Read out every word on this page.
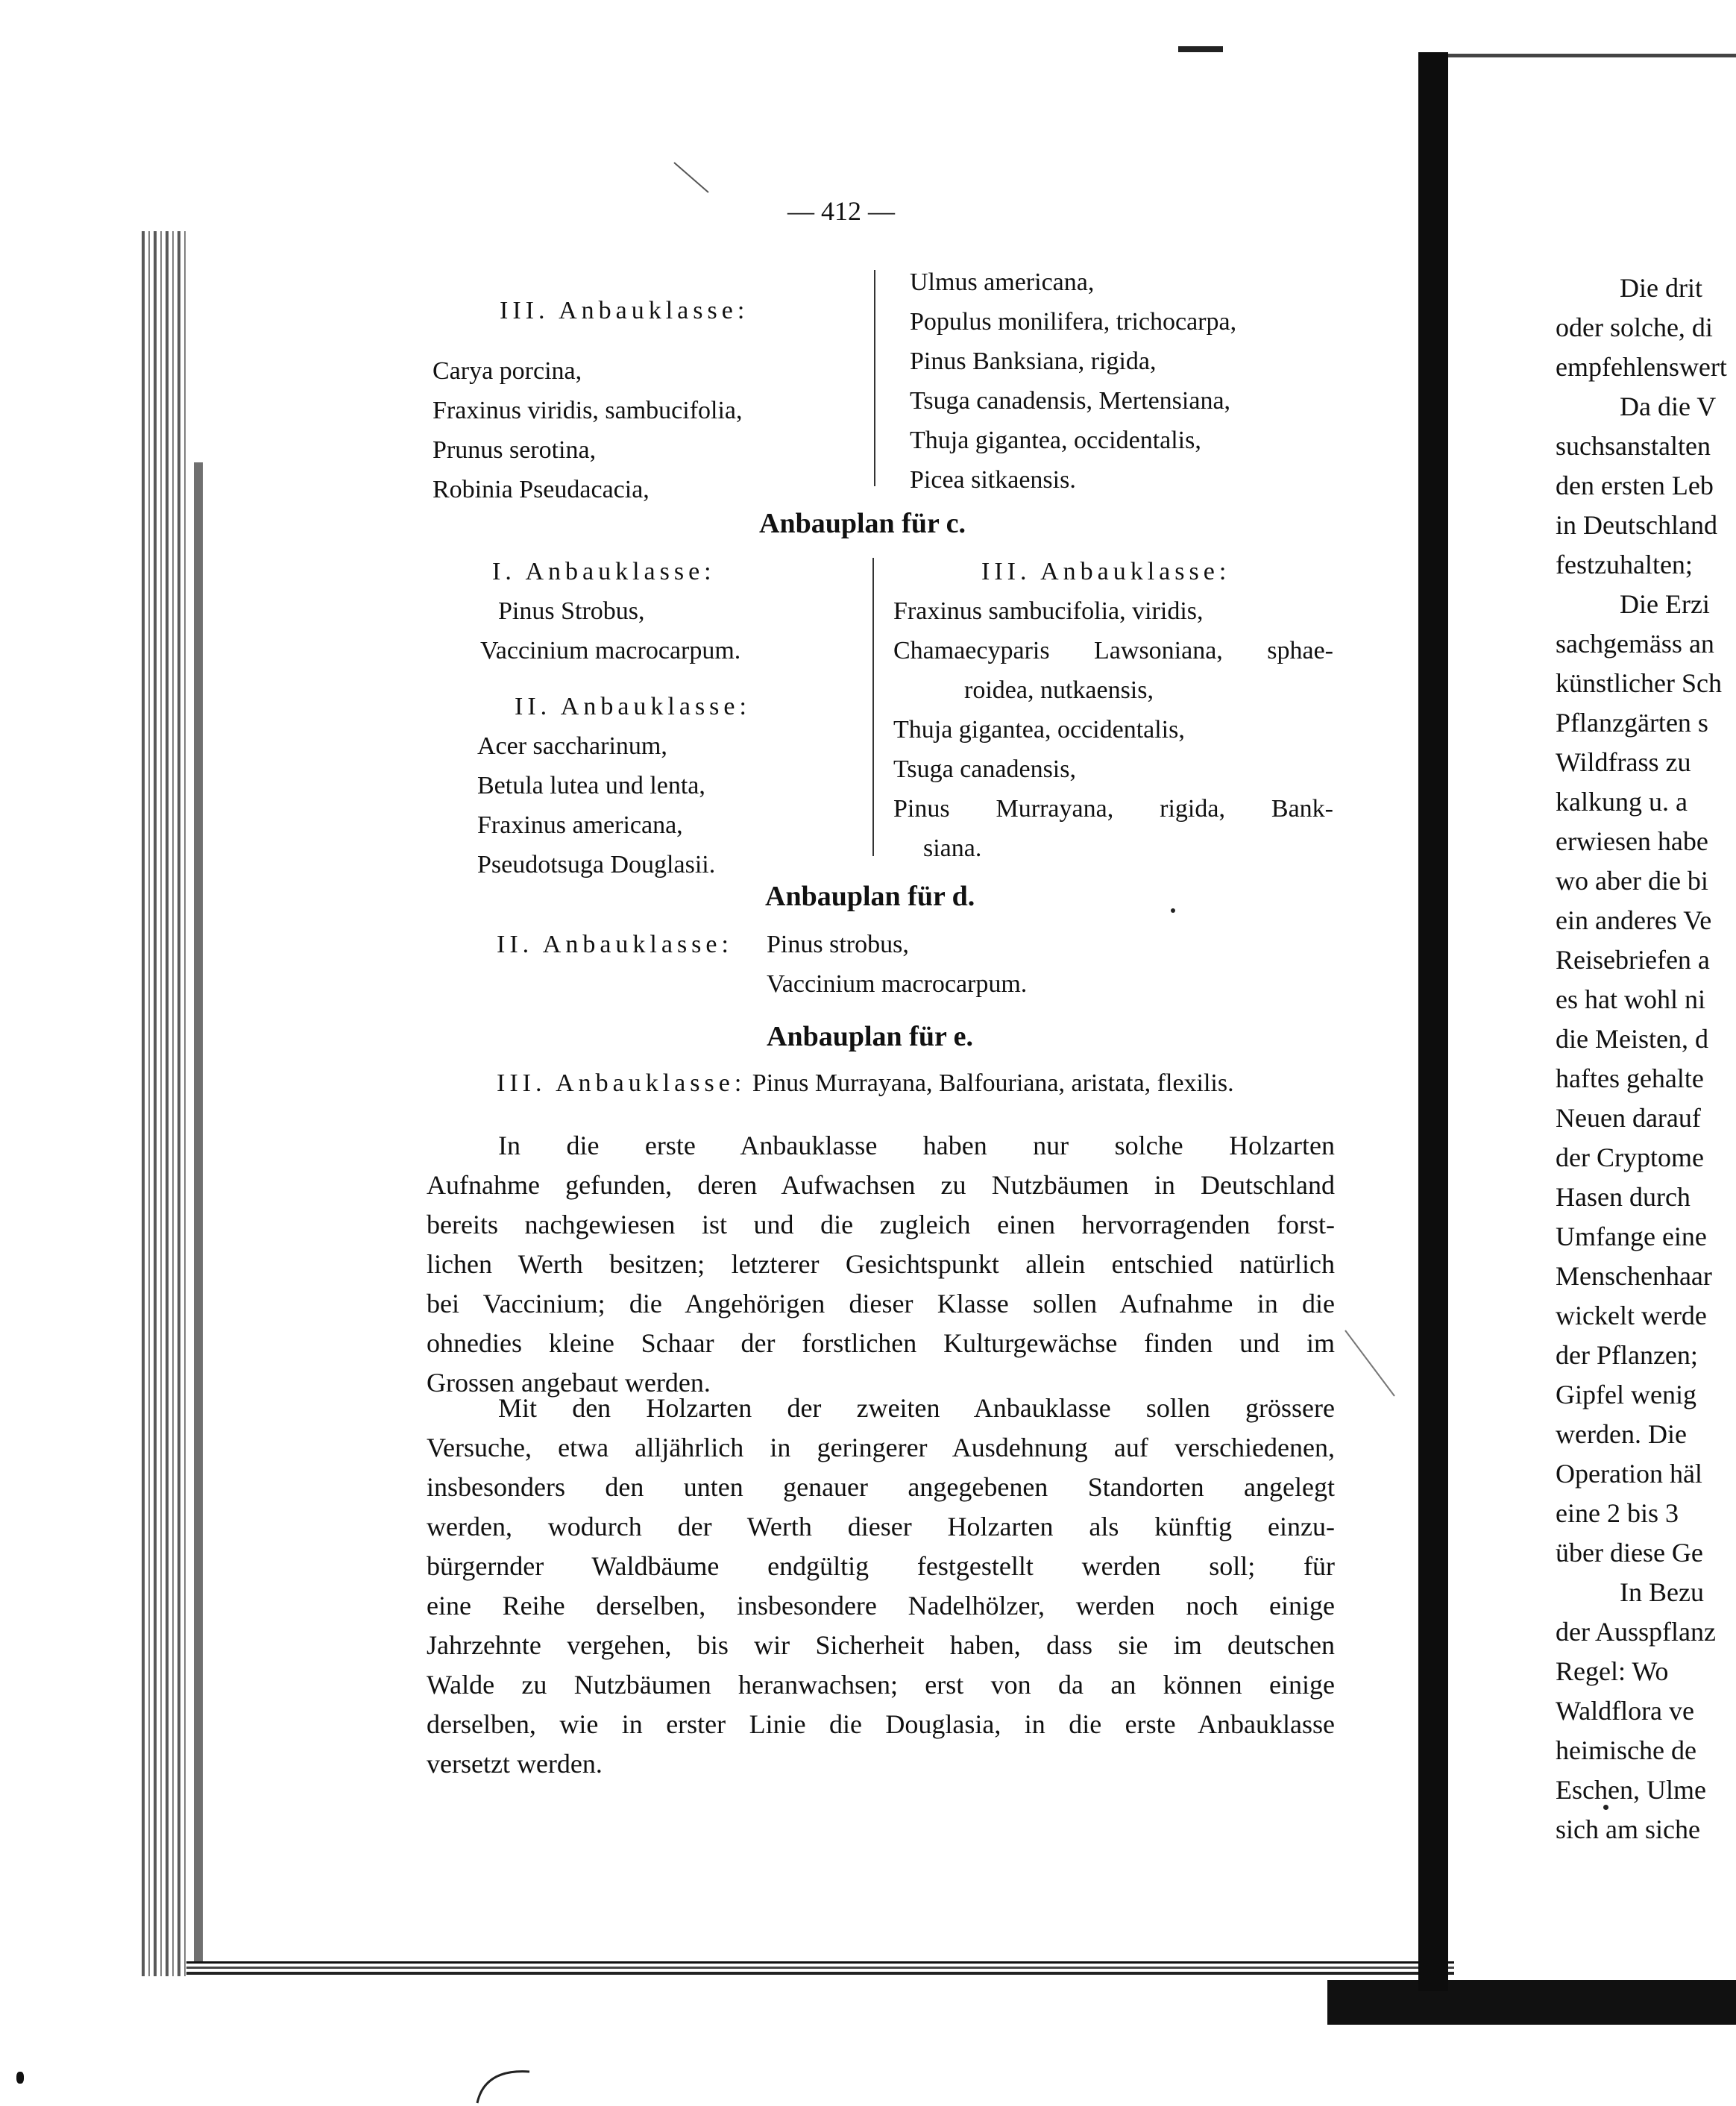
— 412 —
III. Anbauklasse:
Carya porcina,
Fraxinus viridis, sambucifolia,
Prunus serotina,
Robinia Pseudacacia,
Ulmus americana,
Populus monilifera, trichocarpa,
Pinus Banksiana, rigida,
Tsuga canadensis, Mertensiana,
Thuja gigantea, occidentalis,
Picea sitkaensis.
Anbauplan für c.
I. Anbauklasse:
Pinus Strobus,
Vaccinium macrocarpum.
II. Anbauklasse:
Acer saccharinum,
Betula lutea und lenta,
Fraxinus americana,
Pseudotsuga Douglasii.
III. Anbauklasse:
Fraxinus sambucifolia, viridis,
Chamaecyparis Lawsoniana, sphae-
roidea, nutkaensis,
Thuja gigantea, occidentalis,
Tsuga canadensis,
Pinus Murrayana, rigida, Bank-
siana.
Anbauplan für d.
II. Anbauklasse: Pinus strobus,
Vaccinium macrocarpum.
Anbauplan für e.
III. Anbauklasse: Pinus Murrayana, Balfouriana, aristata, flexilis.
In die erste Anbauklasse haben nur solche Holzarten
Aufnahme gefunden, deren Aufwachsen zu Nutzbäumen in Deutschland
bereits nachgewiesen ist und die zugleich einen hervorragenden forst-
lichen Werth besitzen; letzterer Gesichtspunkt allein entschied natürlich
bei Vaccinium; die Angehörigen dieser Klasse sollen Aufnahme in die
ohnedies kleine Schaar der forstlichen Kulturgewächse finden und im
Grossen angebaut werden.
Mit den Holzarten der zweiten Anbauklasse sollen grössere
Versuche, etwa alljährlich in geringerer Ausdehnung auf verschiedenen,
insbesonders den unten genauer angegebenen Standorten angelegt
werden, wodurch der Werth dieser Holzarten als künftig einzu-
bürgernder Waldbäume endgültig festgestellt werden soll; für
eine Reihe derselben, insbesondere Nadelhölzer, werden noch einige
Jahrzehnte vergehen, bis wir Sicherheit haben, dass sie im deutschen
Walde zu Nutzbäumen heranwachsen; erst von da an können einige
derselben, wie in erster Linie die Douglasia, in die erste Anbauklasse
versetzt werden.
Die drit
oder solche, di
empfehlenswert
Da die V
suchsanstalten
den ersten Leb
in Deutschland
festzuhalten;
Die Erzi
sachgemäss an
künstlicher Sch
Pflanzgärten s
Wildfrass zu
kalkung u. a
erwiesen habe
wo aber die bi
ein anderes Ve
Reisebriefen a
es hat wohl ni
die Meisten, d
haftes gehalte
Neuen darauf
der Cryptome
Hasen durch
Umfange eine
Menschenhaar
wickelt werde
der Pflanzen;
Gipfel wenig
werden. Die
Operation häl
eine 2 bis 3
über diese Ge
In Bezu
der Ausspflanz
Regel: Wo
Waldflora ve
heimische de
Eschen, Ulme
sich am siche
